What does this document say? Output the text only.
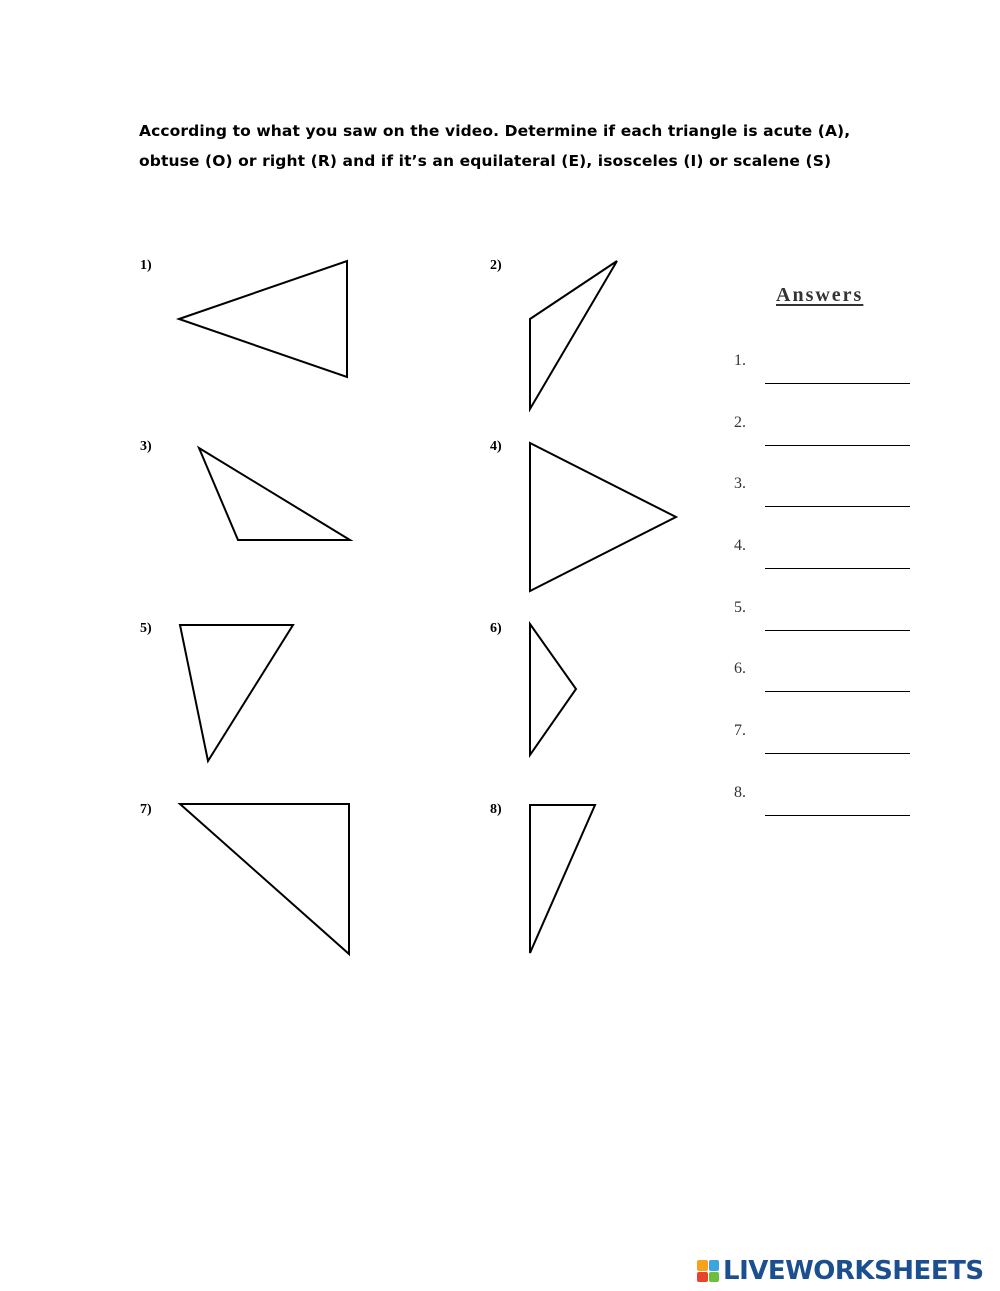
According to what you saw on the video. Determine if each triangle is acute (A),
obtuse (O) or right (R) and if it’s an equilateral (E), isosceles (I) or scalene (S)
1)	2)
3)	4)
5)	6)
7)	8)
Answers
1.
2.
3.
4.
5.
6.
7.
8.
LIVEWORKSHEETS
